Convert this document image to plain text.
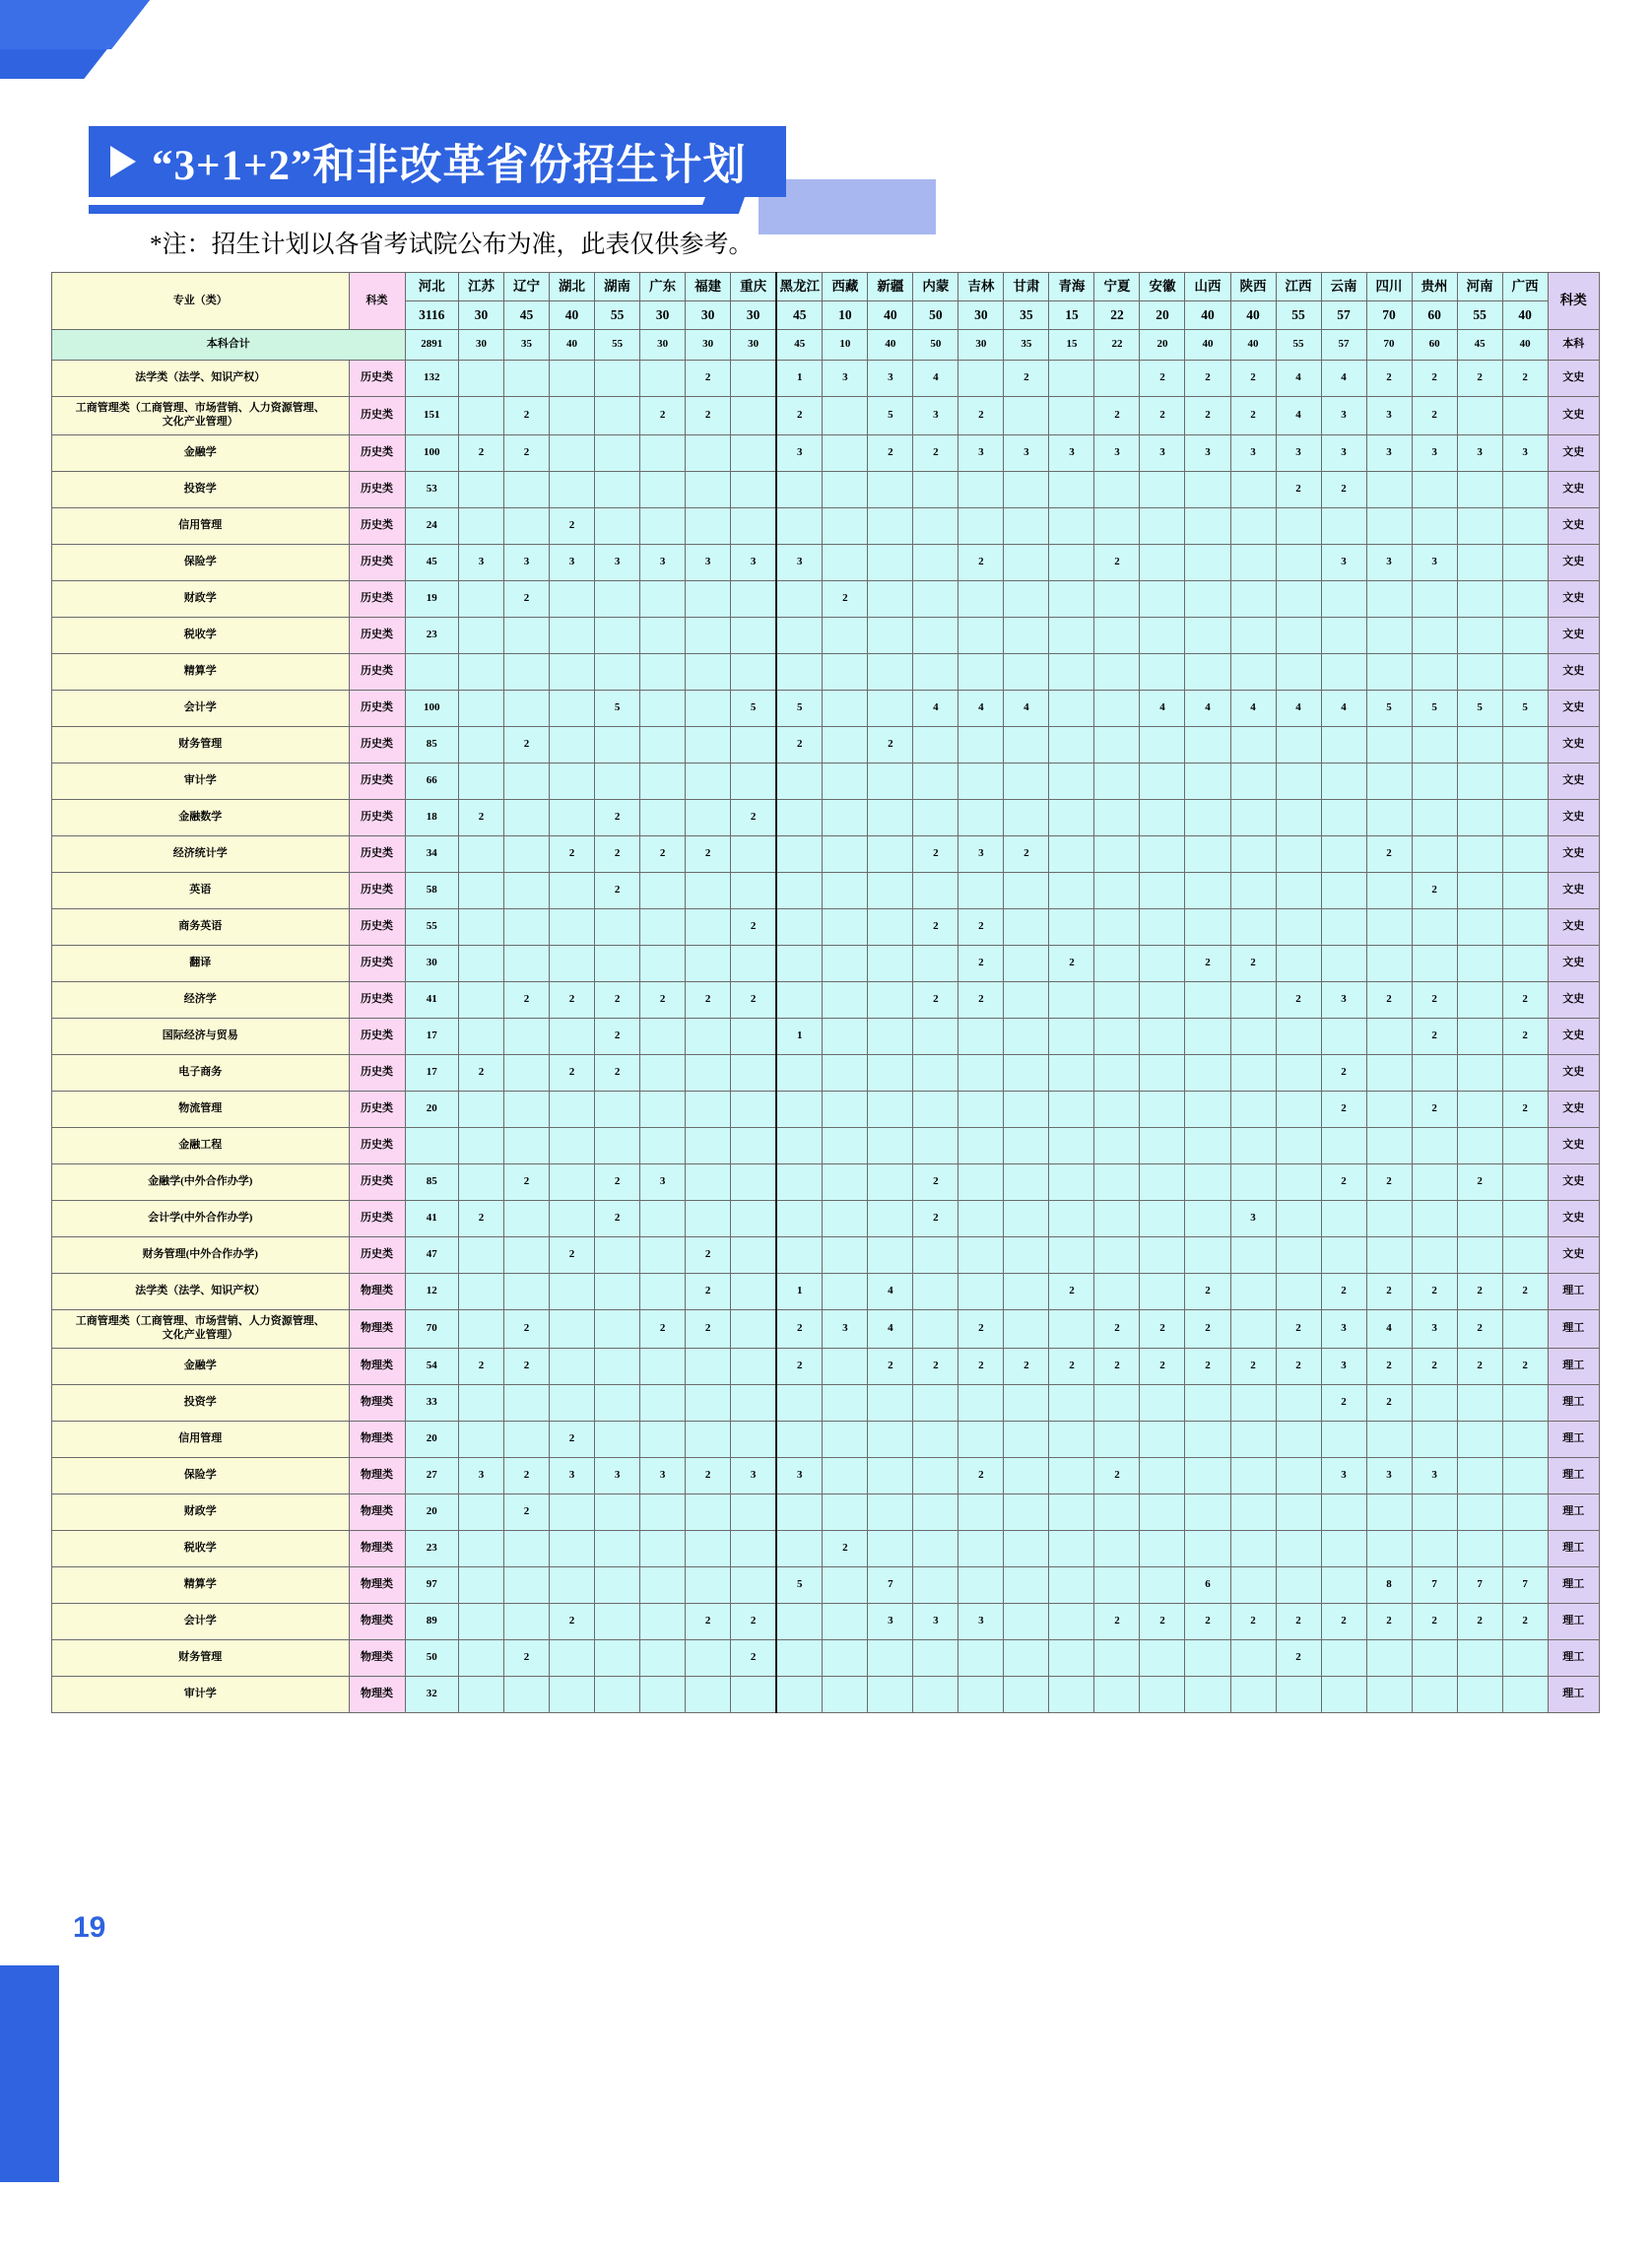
“3+1+2”和非改革省份招生计划
*注：招生计划以各省考试院公布为准，此表仅供参考。
专业（类）	科类	河北	江苏	辽宁	湖北	湖南	广东	福建	重庆	黑龙江	西藏	新疆	内蒙	吉林	甘肃	青海	宁夏	安徽	山西	陕西	江西	云南	四川	贵州	河南	广西	科类
		3116	30	45	40	55	30	30	30	45	10	40	50	30	35	15	22	20	40	40	55	57	70	60	55	40	
本科合计		2891	30	35	40	55	30	30	30	45	10	40	50	30	35	15	22	20	40	40	55	57	70	60	45	40	本科
法学类（法学、知识产权）	历史类	132						2		1	3	3	4		2			2	2	2	4	4	2	2	2	2	文史
工商管理类（工商管理、市场营销、人力资源管理、
文化产业管理）	历史类	151		2			2	2		2		5	3	2			2	2	2	2	4	3	3	2			文史
金融学	历史类	100	2	2						3		2	2	3	3	3	3	3	3	3	3	3	3	3	3	3	文史
投资学	历史类	53																			2	2					文史
信用管理	历史类	24			2																						文史
保险学	历史类	45	3	3	3	3	3	3	3	3				2			2					3	3	3			文史
财政学	历史类	19		2							2																文史
税收学	历史类	23																									文史
精算学	历史类																										文史
会计学	历史类	100				5			5	5			4	4	4			4	4	4	4	4	5	5	5	5	文史
财务管理	历史类	85		2						2		2															文史
审计学	历史类	66																									文史
金融数学	历史类	18	2			2			2																		文史
经济统计学	历史类	34			2	2	2	2					2	3	2								2				文史
英语	历史类	58				2																		2			文史
商务英语	历史类	55							2				2	2													文史
翻译	历史类	30												2		2			2	2							文史
经济学	历史类	41		2	2	2	2	2	2				2	2							2	3	2	2		2	文史
国际经济与贸易	历史类	17				2				1														2		2	文史
电子商务	历史类	17	2		2	2																2					文史
物流管理	历史类	20																				2		2		2	文史
金融工程	历史类																										文史
金融学(中外合作办学)	历史类	85		2		2	3						2									2	2		2		文史
会计学(中外合作办学)	历史类	41	2			2							2							3							文史
财务管理(中外合作办学)	历史类	47			2			2																			文史
法学类（法学、知识产权）	物理类	12						2		1		4				2			2			2	2	2	2	2	理工
工商管理类（工商管理、市场营销、人力资源管理、
文化产业管理）	物理类	70		2			2	2		2	3	4		2			2	2	2		2	3	4	3	2		理工
金融学	物理类	54	2	2						2		2	2	2	2	2	2	2	2	2	2	3	2	2	2	2	理工
投资学	物理类	33																				2	2				理工
信用管理	物理类	20			2																						理工
保险学	物理类	27	3	2	3	3	3	2	3	3				2			2					3	3	3			理工
财政学	物理类	20		2																							理工
税收学	物理类	23									2																理工
精算学	物理类	97								5		7							6				8	7	7	7	理工
会计学	物理类	89			2			2	2			3	3	3			2	2	2	2	2	2	2	2	2	2	理工
财务管理	物理类	50		2					2												2						理工
审计学	物理类	32																									理工
19
